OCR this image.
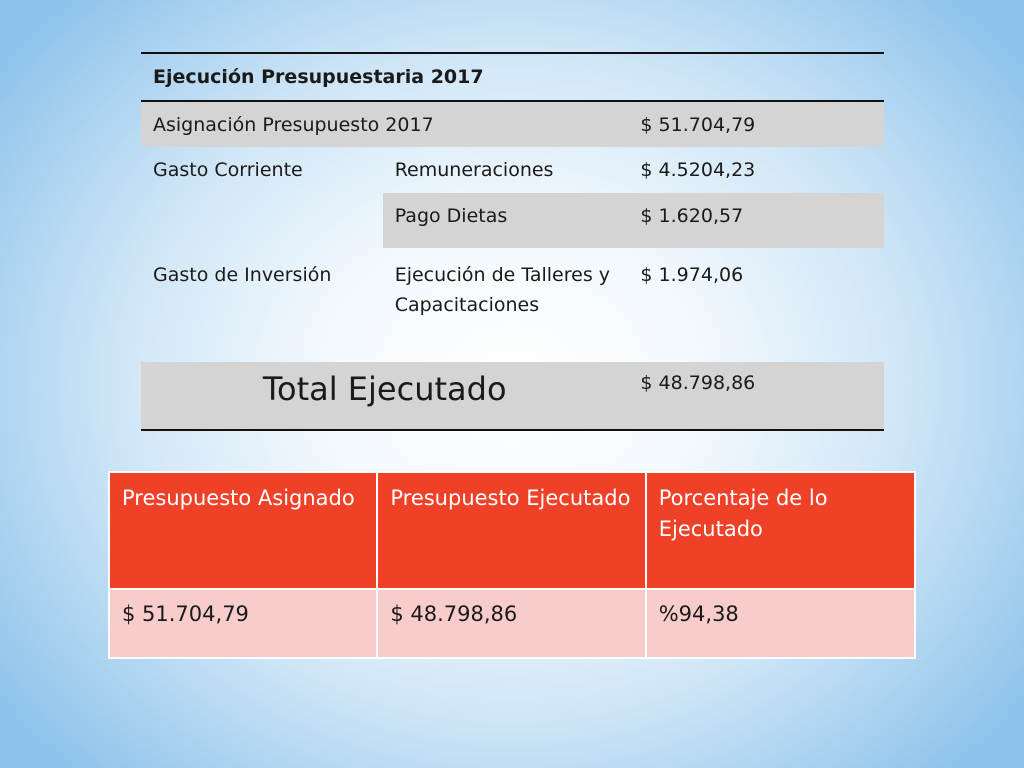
Ejecución Presupuestaria 2017		
Asignación Presupuesto 2017		$ 51.704,79
Gasto Corriente	Remuneraciones	$ 4.5204,23
	Pago Dietas	$ 1.620,57
Gasto de Inversión	Ejecución de Talleres y Capacitaciones	$ 1.974,06
Total Ejecutado		$ 48.798,86
Presupuesto Asignado	Presupuesto Ejecutado	Porcentaje de lo Ejecutado
$ 51.704,79	$ 48.798,86	%94,38
